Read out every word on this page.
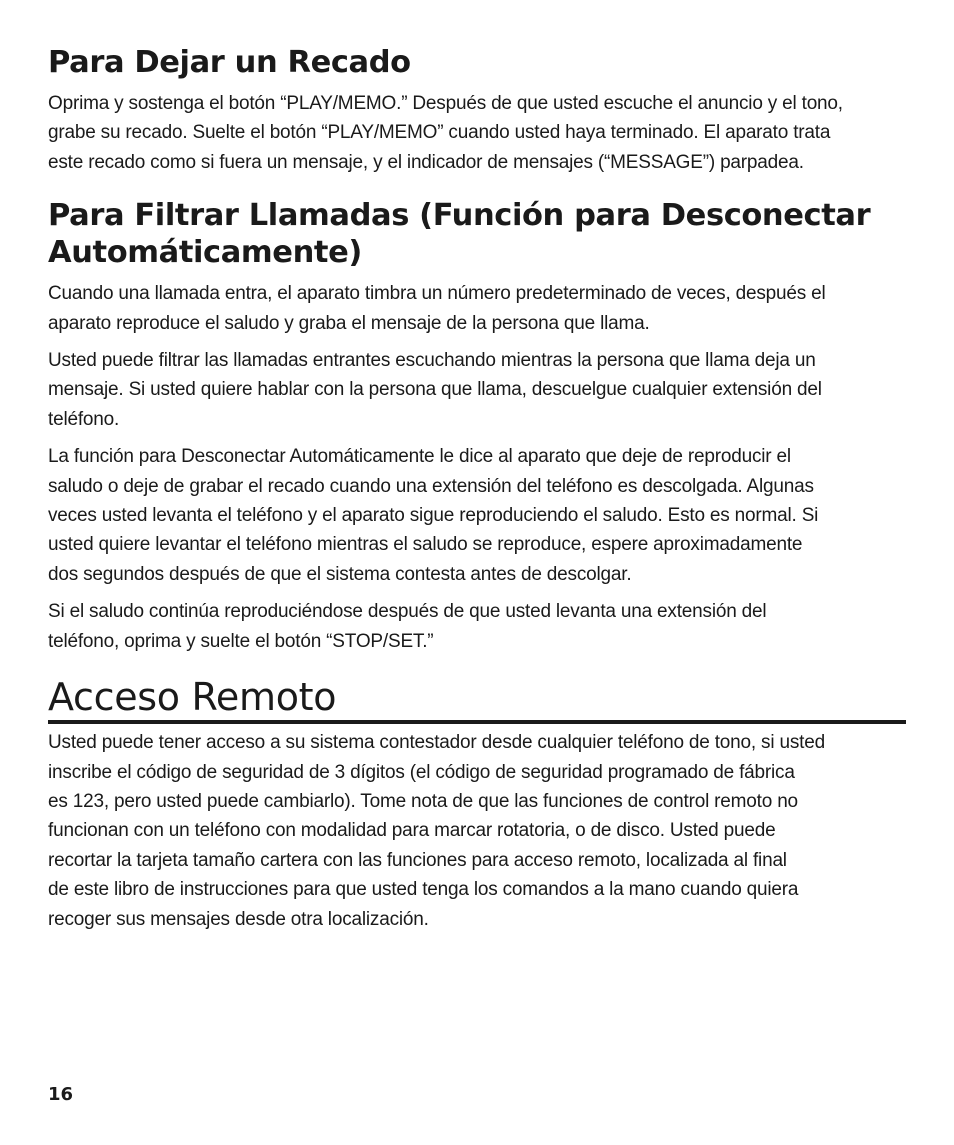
Para Dejar un Recado

Oprima y sostenga el botón “PLAY/MEMO.” Después de que usted escuche el anuncio y el tono,
grabe su recado. Suelte el botón “PLAY/MEMO” cuando usted haya terminado. El aparato trata
este recado como si fuera un mensaje, y el indicador de mensajes (“MESSAGE”) parpadea.

Para Filtrar Llamadas (Función para Desconectar
Automáticamente)

Cuando una llamada entra, el aparato timbra un número predeterminado de veces, después el
aparato reproduce el saludo y graba el mensaje de la persona que llama.

Usted puede filtrar las llamadas entrantes escuchando mientras la persona que llama deja un
mensaje. Si usted quiere hablar con la persona que llama, descuelgue cualquier extensión del
teléfono.

La función para Desconectar Automáticamente le dice al aparato que deje de reproducir el
saludo o deje de grabar el recado cuando una extensión del teléfono es descolgada. Algunas
veces usted levanta el teléfono y el aparato sigue reproduciendo el saludo. Esto es normal. Si
usted quiere levantar el teléfono mientras el saludo se reproduce, espere aproximadamente
dos segundos después de que el sistema contesta antes de descolgar.

Si el saludo continúa reproduciéndose después de que usted levanta una extensión del
teléfono, oprima y suelte el botón “STOP/SET.”

Acceso Remoto

Usted puede tener acceso a su sistema contestador desde cualquier teléfono de tono, si usted
inscribe el código de seguridad de 3 dígitos (el código de seguridad programado de fábrica
es 123, pero usted puede cambiarlo). Tome nota de que las funciones de control remoto no
funcionan con un teléfono con modalidad para marcar rotatoria, o de disco. Usted puede
recortar la tarjeta tamaño cartera con las funciones para acceso remoto, localizada al final
de este libro de instrucciones para que usted tenga los comandos a la mano cuando quiera
recoger sus mensajes desde otra localización.

16
